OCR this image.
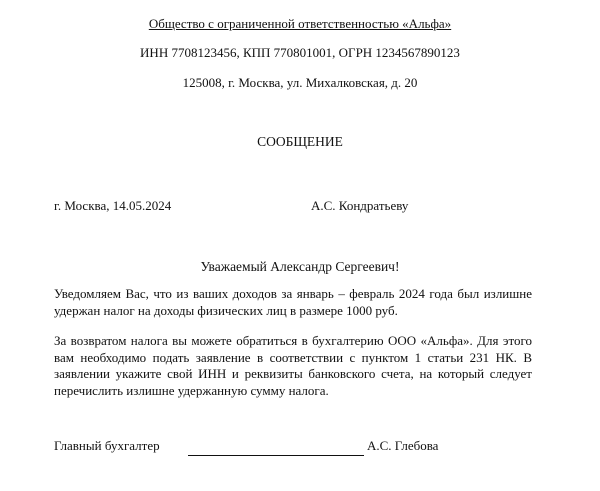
Общество с ограниченной ответственностью «Альфа»
ИНН 7708123456, КПП 770801001, ОГРН 1234567890123
125008, г. Москва, ул. Михалковская, д. 20
СООБЩЕНИЕ
г. Москва, 14.05.2024	А.С. Кондратьеву
Уважаемый Александр Сергеевич!
Уведомляем Вас, что из ваших доходов за январь – февраль 2024 года был излишне удержан налог на доходы физических лиц в размере 1000 руб.
За возвратом налога вы можете обратиться в бухгалтерию ООО «Альфа». Для этого вам необходимо подать заявление в соответствии с пунктом 1 статьи 231 НК. В заявлении укажите свой ИНН и реквизиты банковского счета, на который следует перечислить излишне удержанную сумму налога.
Главный бухгалтер	А.С. Глебова
